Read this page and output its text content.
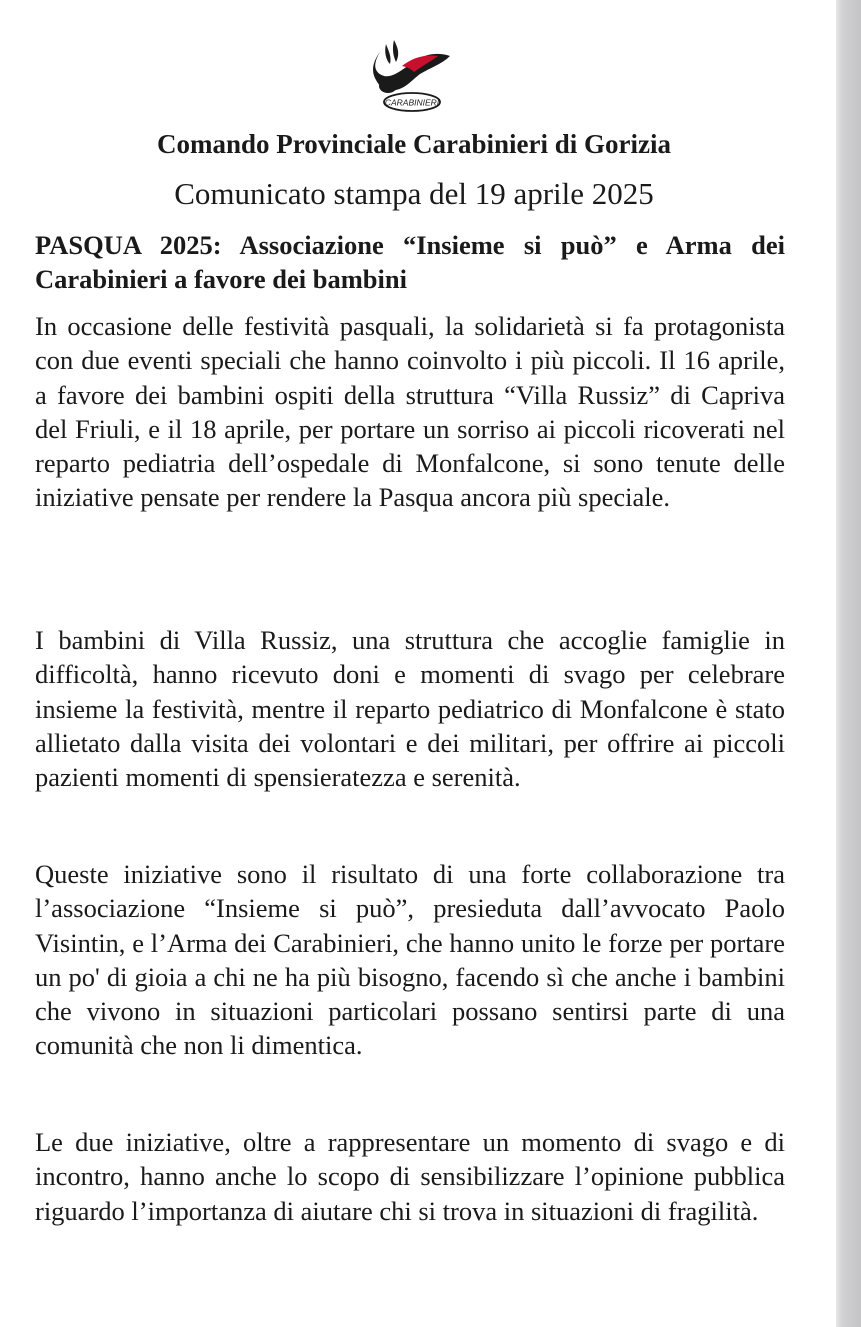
CARABINIERI

Comando Provinciale Carabinieri di Gorizia

Comunicato stampa del 19 aprile 2025

PASQUA 2025: Associazione “Insieme si può” e Arma dei Carabinieri a favore dei bambini

In occasione delle festività pasquali, la solidarietà si fa protagonista con due eventi speciali che hanno coinvolto i più piccoli. Il 16 aprile, a favore dei bambini ospiti della struttura “Villa Russiz” di Capriva del Friuli, e il 18 aprile, per portare un sorriso ai piccoli ricoverati nel reparto pediatria dell’ospedale di Monfalcone, si sono tenute delle iniziative pensate per rendere la Pasqua ancora più speciale.

I bambini di Villa Russiz, una struttura che accoglie famiglie in difficoltà, hanno ricevuto doni e momenti di svago per celebrare insieme la festività, mentre il reparto pediatrico di Monfalcone è stato allietato dalla visita dei volontari e dei militari, per offrire ai piccoli pazienti momenti di spensieratezza e serenità.

Queste iniziative sono il risultato di una forte collaborazione tra l’associazione “Insieme si può”, presieduta dall’avvocato Paolo Visintin, e l’Arma dei Carabinieri, che hanno unito le forze per portare un po' di gioia a chi ne ha più bisogno, facendo sì che anche i bambini che vivono in situazioni particolari possano sentirsi parte di una comunità che non li dimentica.

Le due iniziative, oltre a rappresentare un momento di svago e di incontro, hanno anche lo scopo di sensibilizzare l’opinione pubblica riguardo l’importanza di aiutare chi si trova in situazioni di fragilità.
